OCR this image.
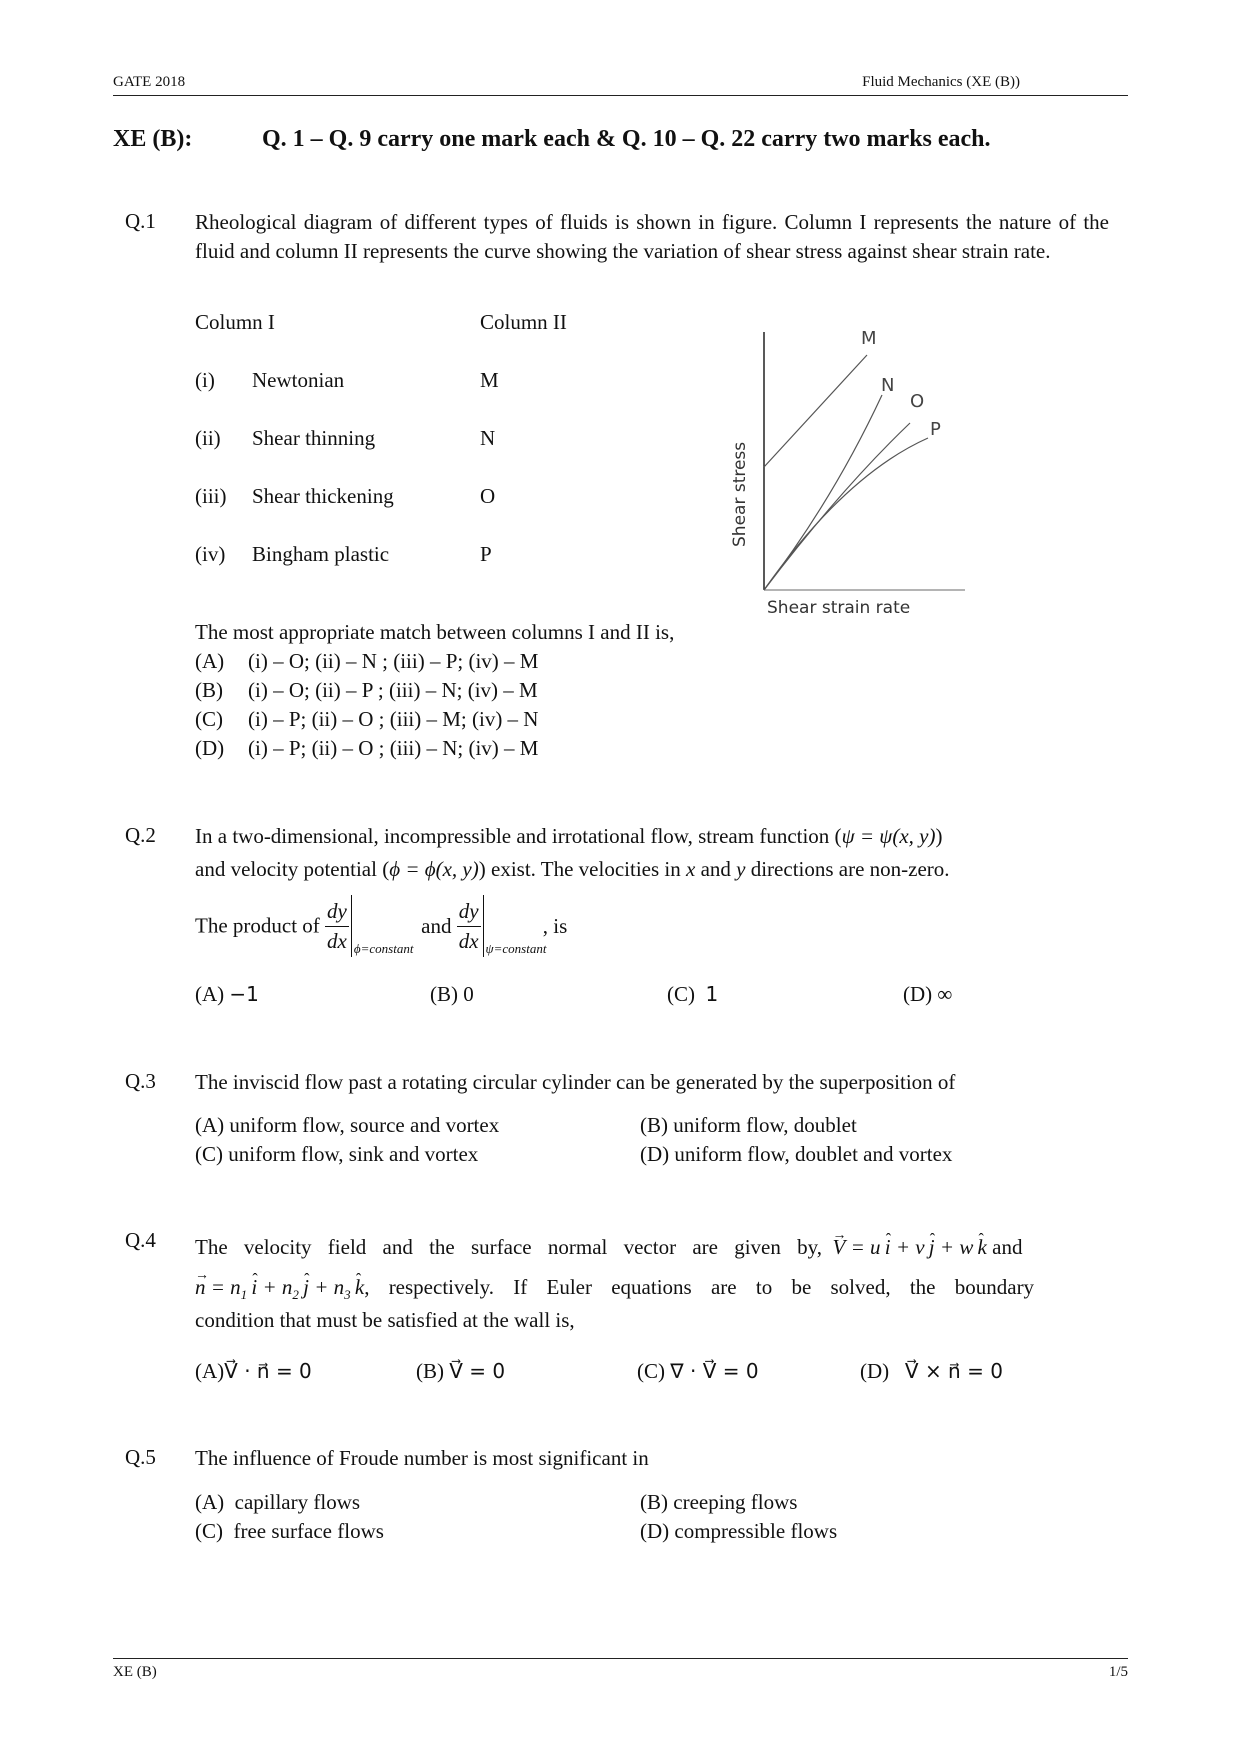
GATE 2018	Fluid Mechanics (XE (B))
XE (B):	Q. 1 – Q. 9 carry one mark each & Q. 10 – Q. 22 carry two marks each.
Q.1 Rheological diagram of different types of fluids is shown in figure. Column I represents the nature of the fluid and column II represents the curve showing the variation of shear stress against shear strain rate.
Column I	Column II
(i) Newtonian	M
(ii) Shear thinning	N
(iii) Shear thickening	O
(iv) Bingham plastic	P
M
N
O
P
Shear stress
Shear strain rate
The most appropriate match between columns I and II is,
(A) (i) – O; (ii) – N ; (iii) – P; (iv) – M
(B) (i) – O; (ii) – P ; (iii) – N; (iv) – M
(C) (i) – P; (ii) – O ; (iii) – M; (iv) – N
(D) (i) – P; (ii) – O ; (iii) – N; (iv) – M
Q.2 In a two-dimensional, incompressible and irrotational flow, stream function (ψ = ψ(x, y))
and velocity potential (ϕ = ϕ(x, y)) exist. The velocities in x and y directions are non-zero.
The product of $\frac{dy}{dx}$ ϕ=constant
and $\frac{dy}{dx}$ ψ=constant
, is
(A) −1	(B) 0	(C) 1	(D) ∞
Q.3 The inviscid flow past a rotating circular cylinder can be generated by the superposition of
(A) uniform flow, source and vortex	(B) uniform flow, doublet
(C) uniform flow, sink and vortex	(D) uniform flow, doublet and vortex
Q.4 The velocity field and the surface normal vector are given by, → V = u  ˆ i + v  ˆ j + w  ˆ k and
→ $n = n_1$  ˆ $i + n_2$  ˆ $j + n_3$  ˆ k, respectively. If Euler equations are to be solved, the boundary
condition that must be satisfied at the wall is,
(A)V⃗ · n⃗ = 0	(B) V⃗ = 0	(C) ∇ · V⃗ = 0	(D) V⃗ × n⃗ = 0
Q.5 The influence of Froude number is most significant in
(A) capillary flows	(B) creeping flows
(C) free surface flows	(D) compressible flows
XE (B)	1/5
